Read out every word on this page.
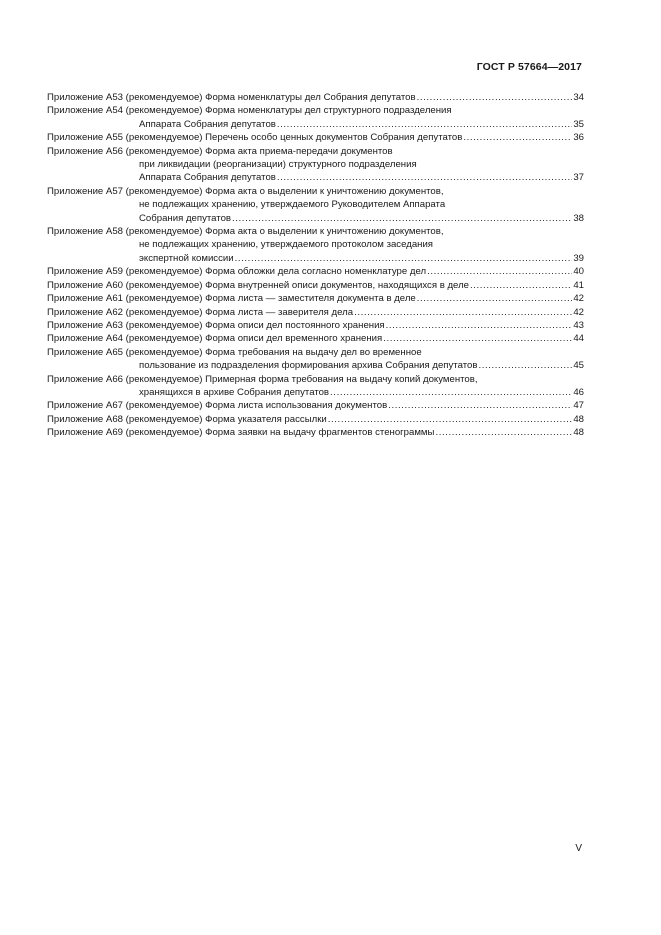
ГОСТ Р 57664—2017
Приложение А53 (рекомендуемое) Форма номенклатуры дел Собрания депутатов .....	34
Приложение А54 (рекомендуемое) Форма номенклатуры дел структурного подразделения
Аппарата Собрания депутатов .....	35
Приложение А55 (рекомендуемое) Перечень особо ценных документов Собрания депутатов .....	36
Приложение А56 (рекомендуемое) Форма акта приема-передачи документов
при ликвидации (реорганизации) структурного подразделения
Аппарата Собрания депутатов .....	37
Приложение А57 (рекомендуемое) Форма акта о выделении к уничтожению документов,
не подлежащих хранению, утверждаемого Руководителем Аппарата
Собрания депутатов .....	38
Приложение А58 (рекомендуемое) Форма акта о выделении к уничтожению документов,
не подлежащих хранению, утверждаемого протоколом заседания
экспертной комиссии .....	39
Приложение А59 (рекомендуемое) Форма обложки дела согласно номенклатуре дел .....	40
Приложение А60 (рекомендуемое) Форма внутренней описи документов, находящихся в деле .....	41
Приложение А61 (рекомендуемое) Форма листа — заместителя документа в деле .....	42
Приложение А62 (рекомендуемое) Форма листа — заверителя дела .....	42
Приложение А63 (рекомендуемое) Форма описи дел постоянного хранения .....	43
Приложение А64 (рекомендуемое) Форма описи дел временного хранения .....	44
Приложение А65 (рекомендуемое) Форма требования на выдачу дел во временное
пользование из подразделения формирования архива Собрания депутатов .....	45
Приложение А66 (рекомендуемое) Примерная форма требования на выдачу копий документов,
хранящихся в архиве Собрания депутатов .....	46
Приложение А67 (рекомендуемое) Форма листа использования документов .....	47
Приложение А68 (рекомендуемое) Форма указателя рассылки .....	48
Приложение А69 (рекомендуемое) Форма заявки на выдачу фрагментов стенограммы .....	48
V
